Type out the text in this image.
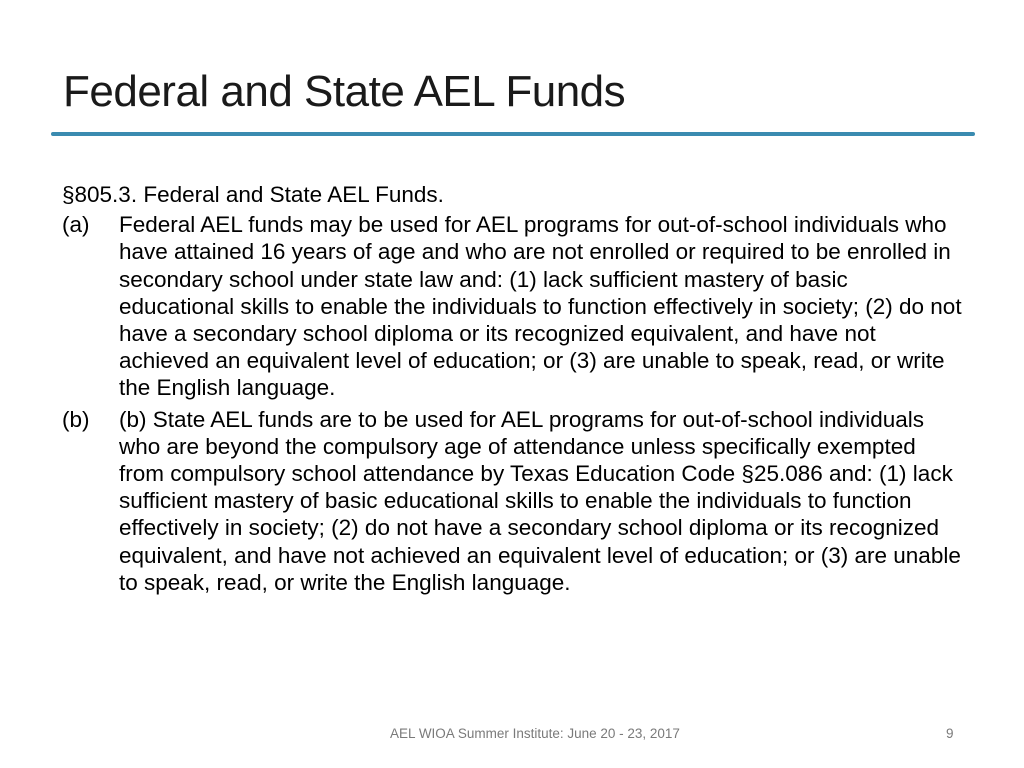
Federal and State AEL Funds

§805.3. Federal and State AEL Funds.

(a)	Federal AEL funds may be used for AEL programs for out-of-school individuals who have attained 16 years of age and who are not enrolled or required to be enrolled in secondary school under state law and: (1) lack sufficient mastery of basic educational skills to enable the individuals to function effectively in society; (2) do not have a secondary school diploma or its recognized equivalent, and have not achieved an equivalent level of education; or (3) are unable to speak, read, or write the English language.
(b)	(b) State AEL funds are to be used for AEL programs for out-of-school individuals who are beyond the compulsory age of attendance unless specifically exempted from compulsory school attendance by Texas Education Code §25.086 and: (1) lack sufficient mastery of basic educational skills to enable the individuals to function effectively in society; (2) do not have a secondary school diploma or its recognized equivalent, and have not achieved an equivalent level of education; or (3) are unable to speak, read, or write the English language.
AEL WIOA Summer Institute: June 20 - 23, 2017	9
